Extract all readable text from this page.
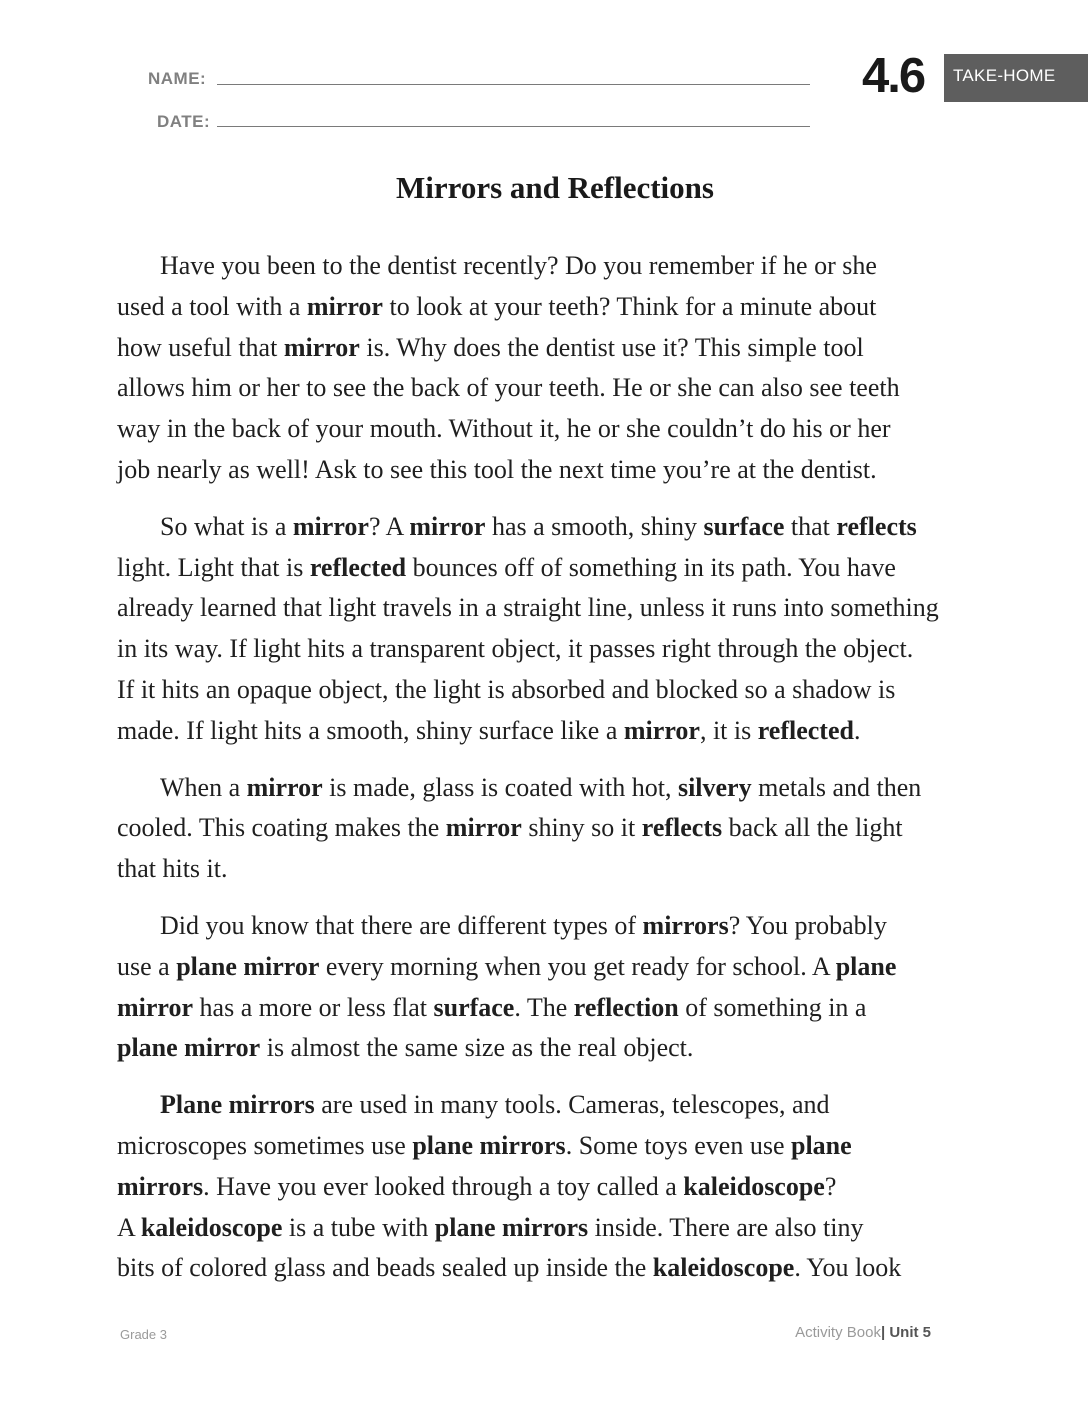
NAME:
DATE:
4.6 TAKE-HOME
Mirrors and Reflections
Have you been to the dentist recently? Do you remember if he or she
used a tool with a mirror to look at your teeth? Think for a minute about
how useful that mirror is. Why does the dentist use it? This simple tool
allows him or her to see the back of your teeth. He or she can also see teeth
way in the back of your mouth. Without it, he or she couldn’t do his or her
job nearly as well! Ask to see this tool the next time you’re at the dentist.
So what is a mirror? A mirror has a smooth, shiny surface that reflects
light. Light that is reflected bounces off of something in its path. You have
already learned that light travels in a straight line, unless it runs into something
in its way. If light hits a transparent object, it passes right through the object.
If it hits an opaque object, the light is absorbed and blocked so a shadow is
made. If light hits a smooth, shiny surface like a mirror, it is reflected.
When a mirror is made, glass is coated with hot, silvery metals and then
cooled. This coating makes the mirror shiny so it reflects back all the light
that hits it.
Did you know that there are different types of mirrors? You probably
use a plane mirror every morning when you get ready for school. A plane
mirror has a more or less flat surface. The reflection of something in a
plane mirror is almost the same size as the real object.
Plane mirrors are used in many tools. Cameras, telescopes, and
microscopes sometimes use plane mirrors. Some toys even use plane
mirrors. Have you ever looked through a toy called a kaleidoscope?
A kaleidoscope is a tube with plane mirrors inside. There are also tiny
bits of colored glass and beads sealed up inside the kaleidoscope. You look
Grade 3	Activity Book| Unit 5
